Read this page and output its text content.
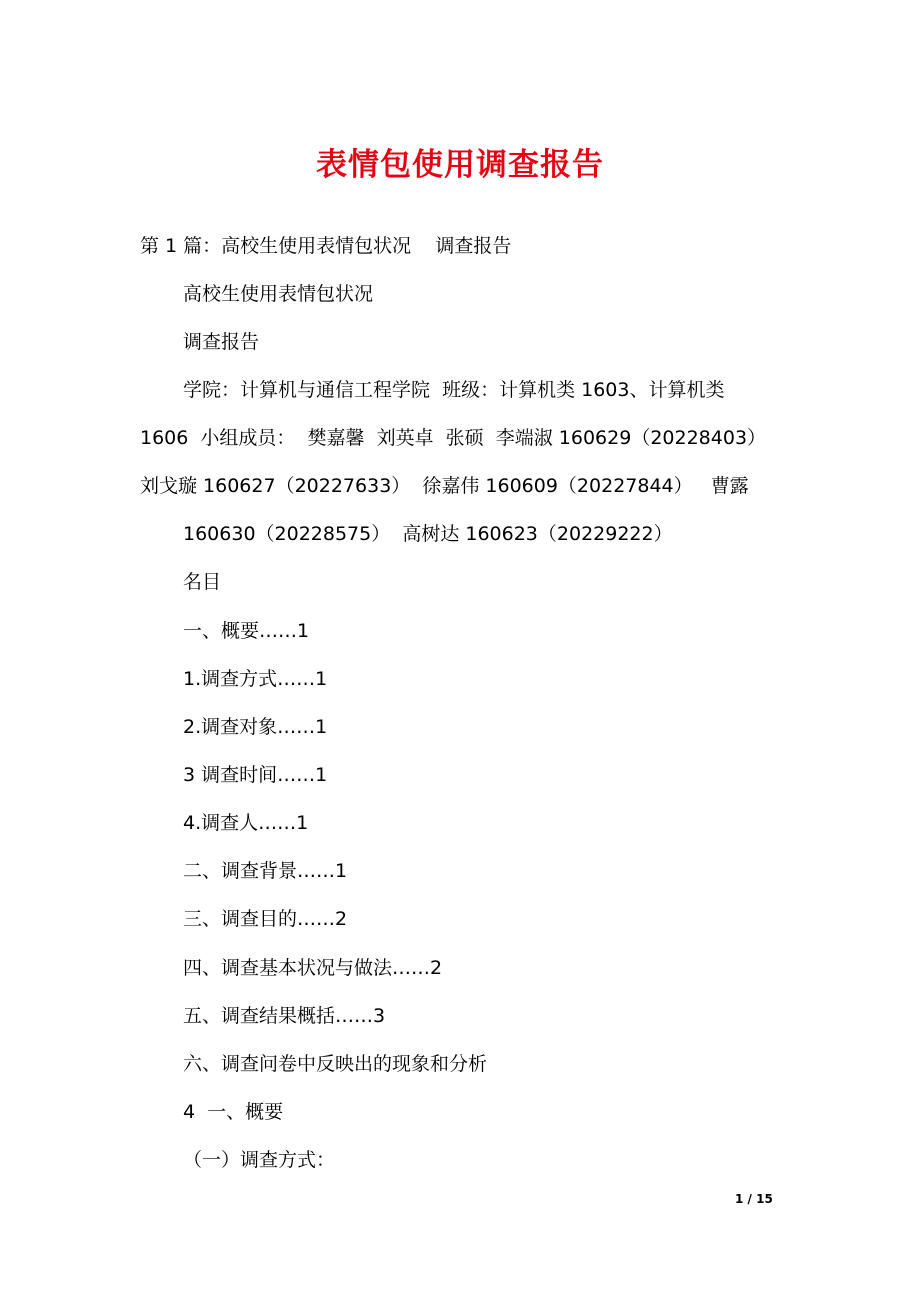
表情包使用调查报告
第 1 篇：高校生使用表情包状况    调查报告
高校生使用表情包状况
调查报告
学院：计算机与通信工程学院  班级：计算机类 1603、计算机类
1606  小组成员：  樊嘉馨  刘英卓  张硕  李端淑 160629（20228403）
刘戈璇 160627（20227633）  徐嘉伟 160609（20227844）   曹露
160630（20228575）  高树达 160623（20229222）
名目
一、概要……1
1.调查方式……1
2.调查对象……1
3 调查时间……1
4.调查人……1
二、调查背景……1
三、调查目的……2
四、调查基本状况与做法……2
五、调查结果概括……3
六、调查问卷中反映出的现象和分析
4  一、概要
（一）调查方式：
1 / 15
